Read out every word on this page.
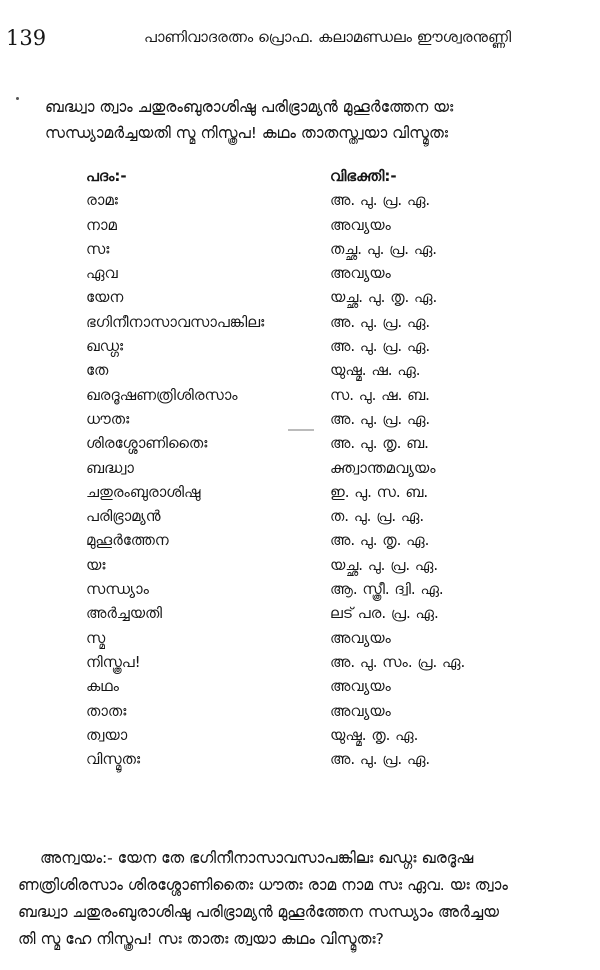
139	പാണിവാദരത്നം പ്രൊഫ. കലാമണ്ഡലം ഈശ്വരനുണ്ണി
ബദ്ധ്വാ ത്വാം ചതുരംബുരാശിഷു പരിഭ്രാമ്യൻ മുഹൂർത്തേന യഃ
സന്ധ്യാമർച്ചയതി സ്മ നിസ്ത്രപ! കഥം താതസ്ത്വയാ വിസ്മൃതഃ
പദം:-	വിഭക്തി:-
രാമഃ	അ. പു. പ്ര. ഏ.
നാമ	അവ്യയം
സഃ	തച്ഛ. പു. പ്ര. ഏ.
ഏവ	അവ്യയം
യേന	യച്ഛ. പു. തൃ. ഏ.
ഭഗിനീനാസാവസാപങ്കിലഃ	അ. പു. പ്ര. ഏ.
ഖഡ്ഗഃ	അ. പു. പ്ര. ഏ.
തേ	യുഷ്മ. ഷ. ഏ.
ഖരദൂഷണത്രിശിരസാം	സ. പു. ഷ. ബ.
ധൗതഃ	അ. പു. പ്ര. ഏ.
ശിരശ്ശോണിതൈഃ	അ. പു. തൃ. ബ.
ബദ്ധ്വാ	ക്ത്വാന്തമവ്യയം
ചതുരംബുരാശിഷു	ഇ. പു. സ. ബ.
പരിഭ്രാമ്യൻ	ത. പു. പ്ര. ഏ.
മുഹൂർത്തേന	അ. പു. തൃ. ഏ.
യഃ	യച്ഛ. പു. പ്ര. ഏ.
സന്ധ്യാം	ആ. സ്ത്രീ. ദ്വി. ഏ.
അർച്ചയതി	ലട് പര. പ്ര. ഏ.
സ്മ	അവ്യയം
നിസ്ത്രപ!	അ. പു. സം. പ്ര. ഏ.
കഥം	അവ്യയം
താതഃ	അവ്യയം
ത്വയാ	യുഷ്മ. തൃ. ഏ.
വിസ്മൃതഃ	അ. പു. പ്ര. ഏ.
അന്വയം:- യേന തേ ഭഗിനീനാസാവസാപങ്കിലഃ ഖഡ്ഗഃ ഖരദൂഷ
ണത്രിശിരസാം ശിരശ്ശോണിതൈഃ ധൗതഃ രാമ നാമ സഃ ഏവ. യഃ ത്വാം
ബദ്ധ്വാ ചതുരംബുരാശിഷു പരിഭ്രാമ്യൻ മുഹൂർത്തേന സന്ധ്യാം അർച്ചയ
തി സ്മ ഹേ നിസ്ത്രപ! സഃ താതഃ ത്വയാ കഥം വിസ്മൃതഃ?
